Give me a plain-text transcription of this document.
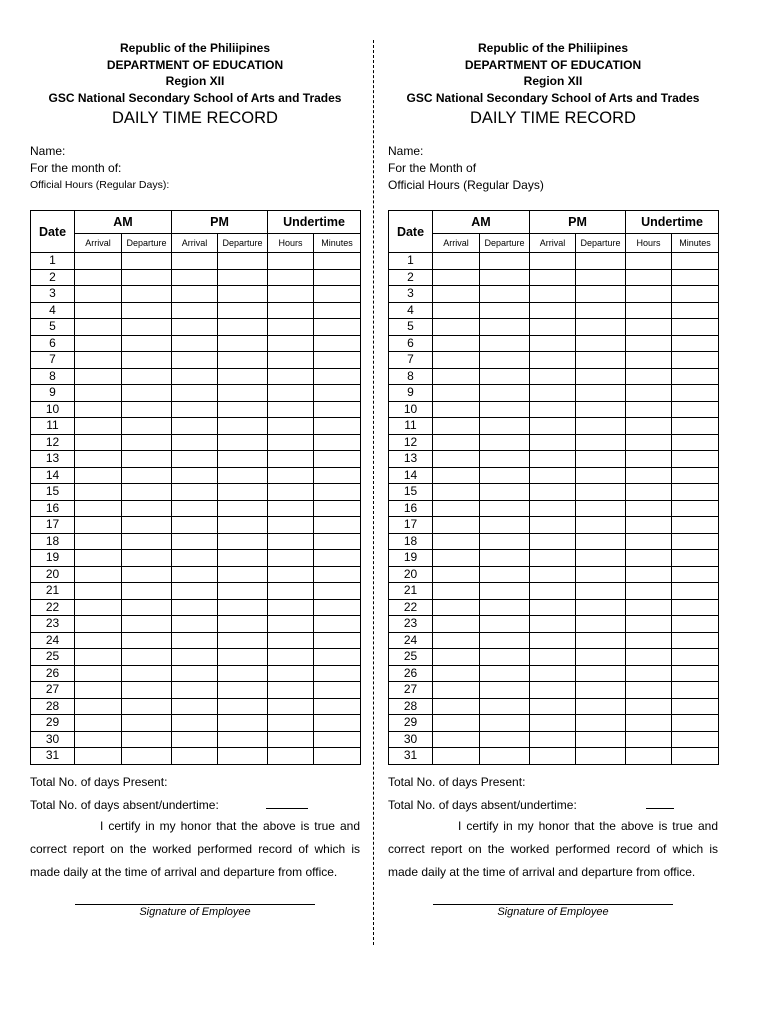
Republic of the Philiipines
DEPARTMENT OF EDUCATION
Region XII
GSC National Secondary School of Arts and Trades
DAILY TIME RECORD
Name:
For the month of:
Official Hours (Regular Days):
Date	AM		PM		Undertime	
	Arrival	Departure	Arrival	Departure	Hours	Minutes
1						
2						
3						
4						
5						
6						
7						
8						
9						
10						
11						
12						
13						
14						
15						
16						
17						
18						
19						
20						
21						
22						
23						
24						
25						
26						
27						
28						
29						
30						
31						
Total No. of days Present:
Total No. of days absent/undertime:
I certify in my honor that the above is true and correct report on the worked performed record of which is made daily at the time of arrival and departure from office.
Signature of Employee
Republic of the Philiipines
DEPARTMENT OF EDUCATION
Region XII
GSC National Secondary School of Arts and Trades
DAILY TIME RECORD
Name:
For the Month of
Official Hours (Regular Days)
Date	AM		PM		Undertime	
	Arrival	Departure	Arrival	Departure	Hours	Minutes
1						
2						
3						
4						
5						
6						
7						
8						
9						
10						
11						
12						
13						
14						
15						
16						
17						
18						
19						
20						
21						
22						
23						
24						
25						
26						
27						
28						
29						
30						
31						
Total No. of days Present:
Total No. of days absent/undertime:
I certify in my honor that the above is true and correct report on the worked performed record of which is made daily at the time of arrival and departure from office.
Signature of Employee
